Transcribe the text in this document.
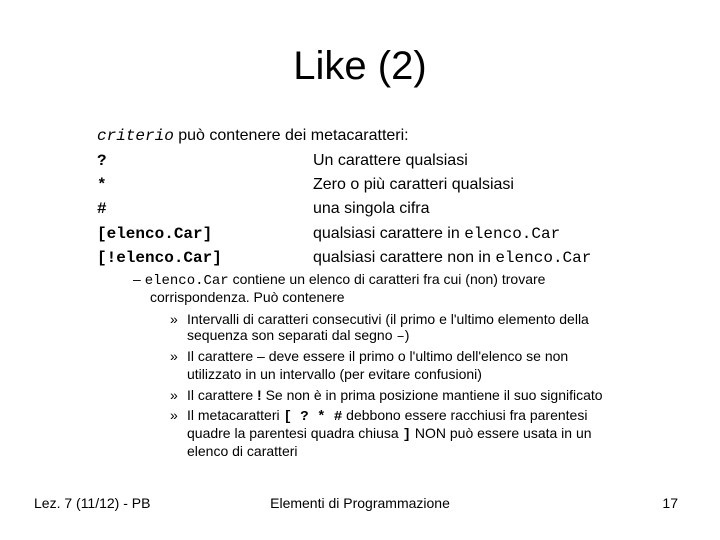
Like (2)
criterio può contenere dei metacaratteri:
?	Un carattere qualsiasi
*	Zero o più caratteri qualsiasi
#	una singola cifra
[elenco.Car]	qualsiasi carattere in elenco.Car
[!elenco.Car]	qualsiasi carattere non in elenco.Car
– elenco.Car contiene un elenco di caratteri fra cui (non) trovare
corrispondenza. Può contenere
» Intervalli di caratteri consecutivi (il primo e l'ultimo elemento della
sequenza son separati dal segno –)
» Il carattere – deve essere il primo o l'ultimo dell'elenco se non
utilizzato in un intervallo (per evitare confusioni)
» Il carattere ! Se non è in prima posizione mantiene il suo significato
» Il metacaratteri [ ? * # debbono essere racchiusi fra parentesi
quadre la parentesi quadra chiusa ] NON può essere usata in un
elenco di caratteri
Lez. 7 (11/12) - PB	Elementi di Programmazione	17
